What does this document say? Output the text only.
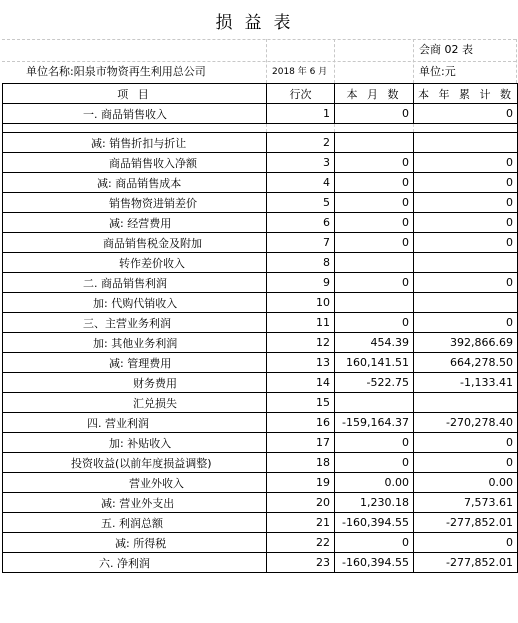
损益表
会商 02 表
单位名称:阳泉市物资再生利用总公司	2018 年 6 月	单位:元
项 目	行次	本 月 数	本 年 累 计 数
一. 商品销售收入	1	0	0

减: 销售折扣与折让	2		
商品销售收入净额	3	0	0
减: 商品销售成本	4	0	0
销售物资进销差价	5	0	0
减: 经营费用	6	0	0
商品销售税金及附加	7	0	0
转作差价收入	8		
二. 商品销售利润	9	0	0
加: 代购代销收入	10		
三、主营业务利润	11	0	0
加: 其他业务利润	12	454.39	392,866.69
减: 管理费用	13	160,141.51	664,278.50
财务费用	14	-522.75	-1,133.41
汇兑损失	15		
四. 营业利润	16	-159,164.37	-270,278.40
加: 补贴收入	17	0	0
投资收益(以前年度损益调整)	18	0	0
营业外收入	19	0.00	0.00
减: 营业外支出	20	1,230.18	7,573.61
五. 利润总额	21	-160,394.55	-277,852.01
减: 所得税	22	0	0
六. 净利润	23	-160,394.55	-277,852.01
